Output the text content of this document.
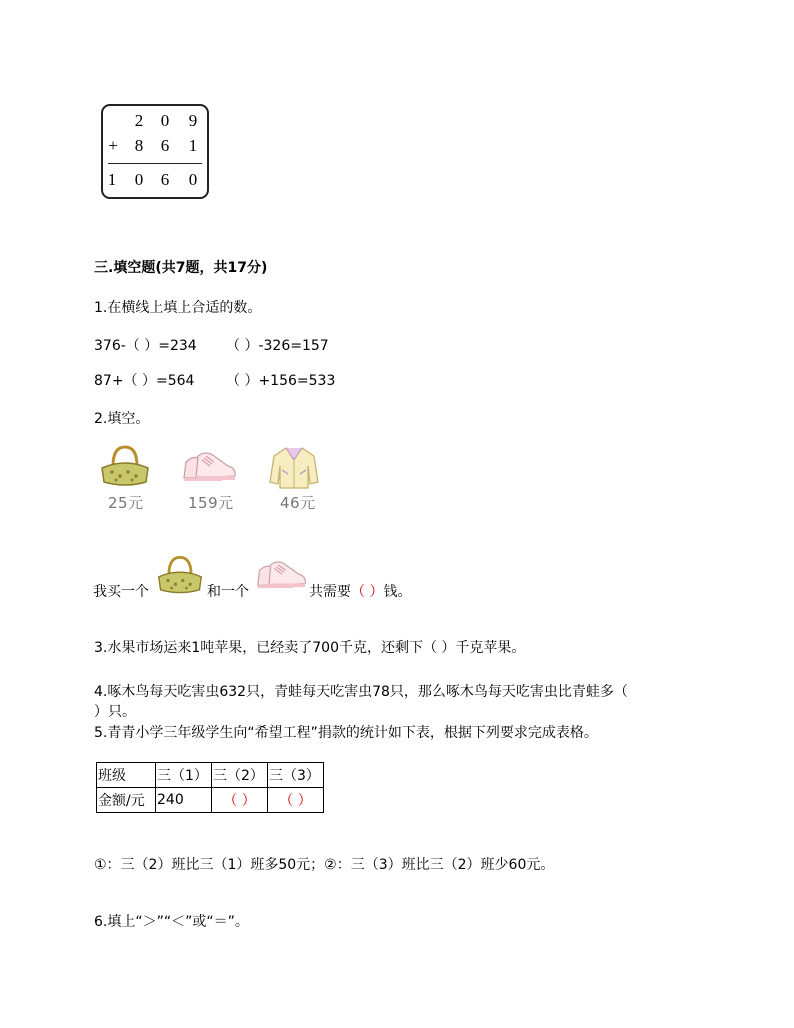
2 0 9
+ 8 6 1
1 0 6 0
三.填空题(共7题，共17分)
1.在横线上填上合适的数。
376-（ ）=234 （ ）-326=157
87+（ ）=564 （ ）+156=533
2.填空。
25元	159元	46元
我买一个	和一个	共需要（ ）钱。
3.水果市场运来1吨苹果，已经卖了700千克，还剩下（ ）千克苹果。
4.啄木鸟每天吃害虫632只，青蛙每天吃害虫78只，那么啄木鸟每天吃害虫比青蛙多（
）只。
5.青青小学三年级学生向“希望工程”捐款的统计如下表，根据下列要求完成表格。
班级	三（1）	三（2）	三（3）
金额/元	240	（ ）	（ ）
①：三（2）班比三（1）班多50元；②：三（3）班比三（2）班少60元。
6.填上“＞”“＜”或“＝”。
